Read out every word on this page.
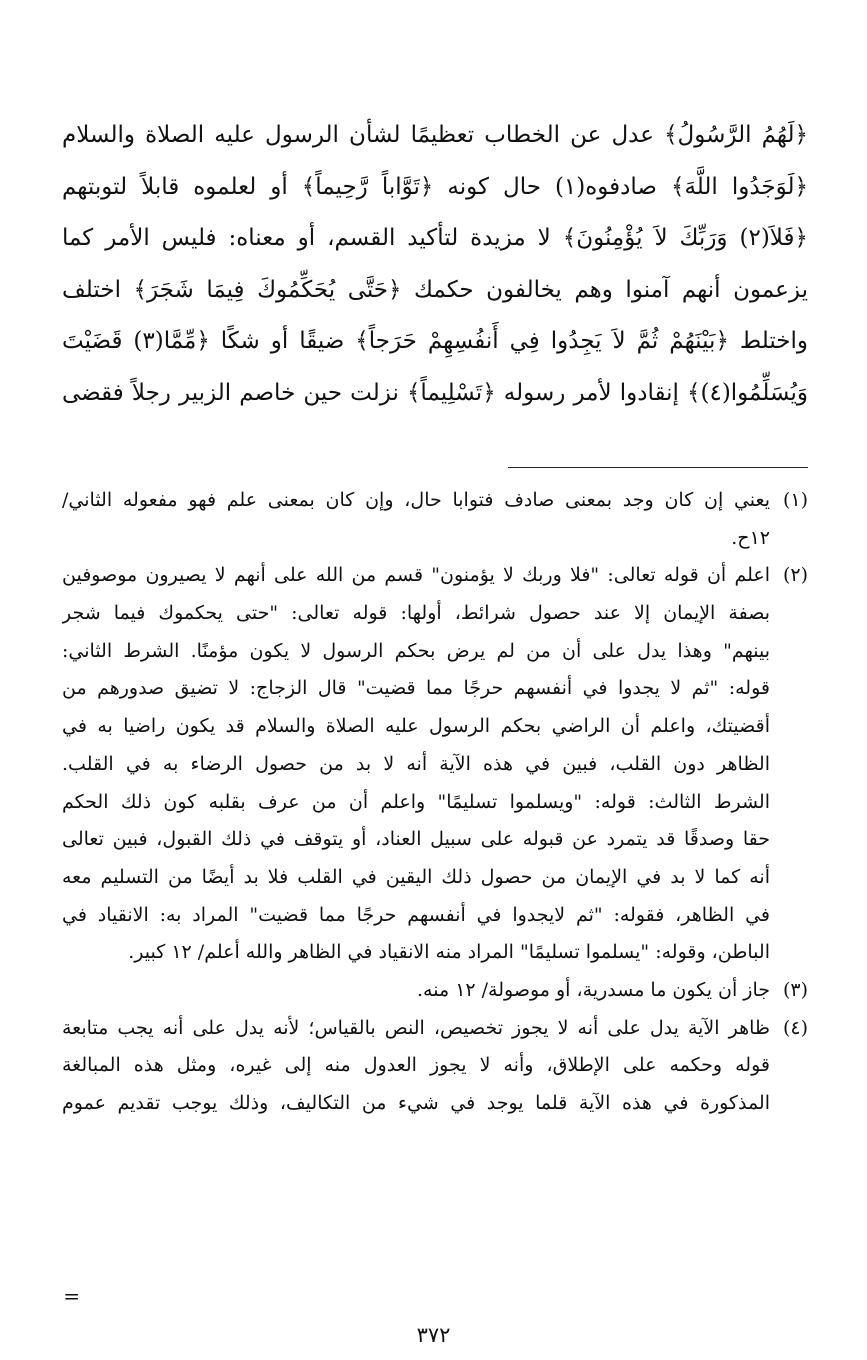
﴿لَهُمُ الرَّسُولُ﴾ عدل عن الخطاب تعظيمًا لشأن الرسول عليه الصلاة والسلام
﴿لَوَجَدُوا اللَّهَ﴾ صادفوه(١) حال كونه ﴿تَوَّاباً رَّحِيماً﴾ أو لعلموه قابلاً لتوبتهم
﴿فَلاَ(٢) وَرَبِّكَ لاَ يُؤْمِنُونَ﴾ لا مزيدة لتأكيد القسم، أو معناه: فليس الأمر كما
يزعمون أنهم آمنوا وهم يخالفون حكمك ﴿حَتَّى يُحَكِّمُوكَ فِيمَا شَجَرَ﴾ اختلف
واختلط ﴿بَيْنَهُمْ ثُمَّ لاَ يَجِدُوا فِي أَنفُسِهِمْ حَرَجاً﴾ ضيقًا أو شكًا ﴿مِّمَّا(٣) قَضَيْتَ
وَيُسَلِّمُوا(٤)﴾ إنقادوا لأمر رسوله ﴿تَسْلِيماً﴾ نزلت حين خاصم الزبير رجلاً فقضى
(١)
يعني إن كان وجد بمعنى صادف فتوابا حال، وإن كان بمعنى علم فهو مفعوله الثاني/
١٢ح.
(٢)
اعلم أن قوله تعالى: "فلا وربك لا يؤمنون" قسم من الله على أنهم لا يصيرون موصوفين
بصفة الإيمان إلا عند حصول شرائط، أولها: قوله تعالى: "حتى يحكموك فيما شجر
بينهم" وهذا يدل على أن من لم يرض بحكم الرسول لا يكون مؤمنًا. الشرط الثاني:
قوله: "ثم لا يجدوا في أنفسهم حرجًا مما قضيت" قال الزجاج: لا تضيق صدورهم من
أقضيتك، واعلم أن الراضي بحكم الرسول عليه الصلاة والسلام قد يكون راضيا به في
الظاهر دون القلب، فبين في هذه الآية أنه لا بد من حصول الرضاء به في القلب.
الشرط الثالث: قوله: "ويسلموا تسليمًا" واعلم أن من عرف بقلبه كون ذلك الحكم
حقا وصدقًا قد يتمرد عن قبوله على سبيل العناد، أو يتوقف في ذلك القبول، فبين تعالى
أنه كما لا بد في الإيمان من حصول ذلك اليقين في القلب فلا بد أيضًا من التسليم معه
في الظاهر، فقوله: "ثم لايجدوا في أنفسهم حرجًا مما قضيت" المراد به: الانقياد في
الباطن، وقوله: "يسلموا تسليمًا" المراد منه الانقياد في الظاهر والله أعلم/ ١٢ كبير.
(٣)
جاز أن يكون ما مسدرية، أو موصولة/ ١٢ منه.
(٤)
ظاهر الآية يدل على أنه لا يجوز تخصيص، النص بالقياس؛ لأنه يدل على أنه يجب متابعة
قوله وحكمه على الإطلاق، وأنه لا يجوز العدول منه إلى غيره، ومثل هذه المبالغة
المذكورة في هذه الآية قلما يوجد في شيء من التكاليف، وذلك يوجب تقديم عموم
=
٣٧٢
